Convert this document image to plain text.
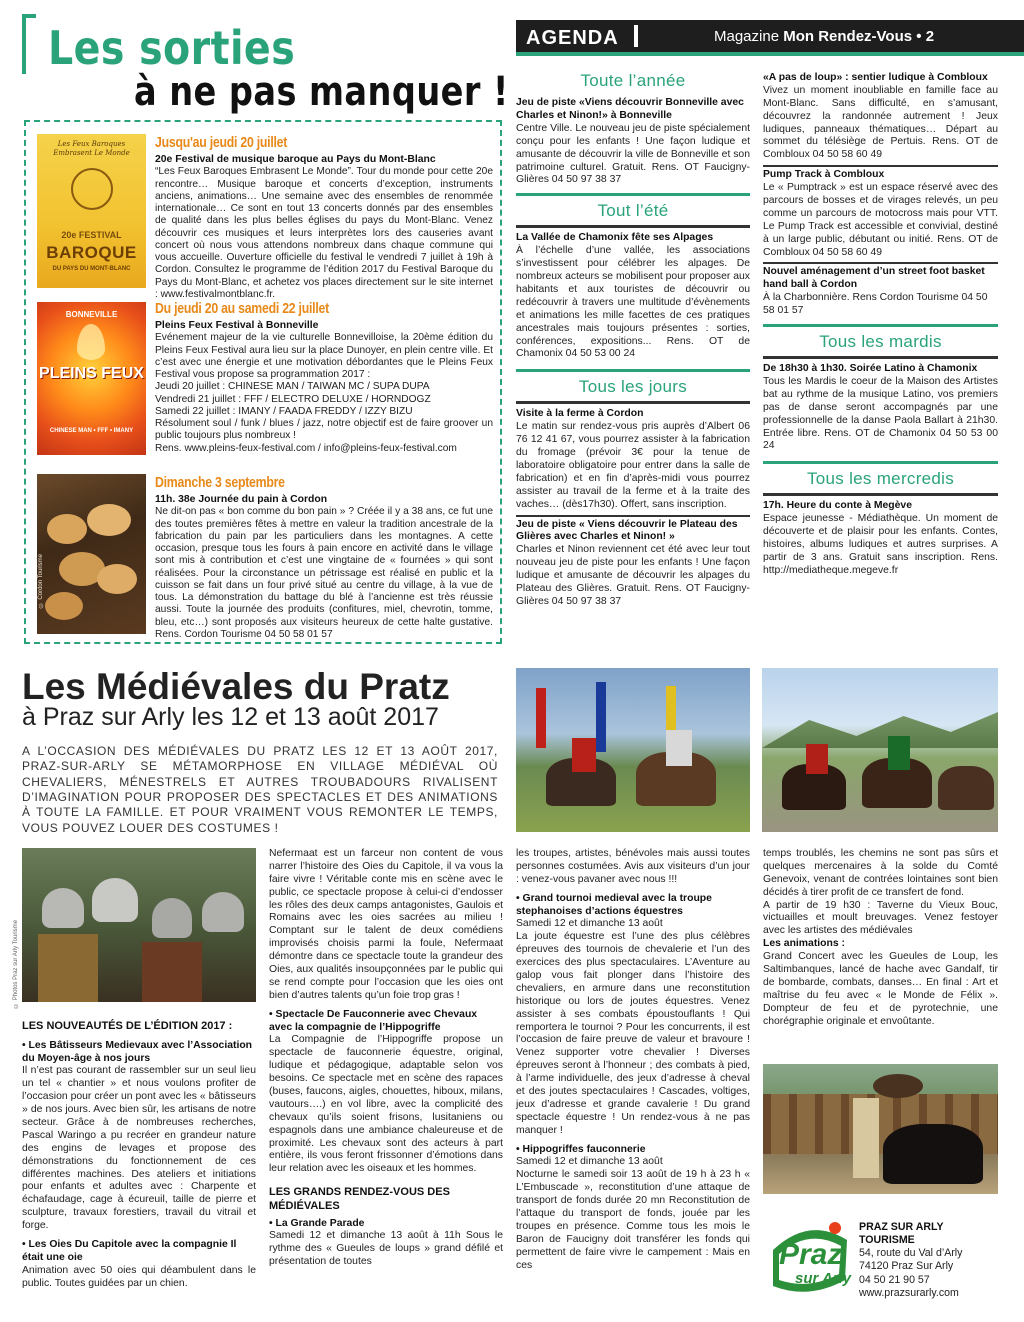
Les sorties
à ne pas manquer !
Les Feux Baroques Embrasent Le Monde
20e FESTIVAL
BAROQUE
DU PAYS DU MONT-BLANC
Jusqu'au jeudi 20 juillet
20e Festival de musique baroque au Pays du Mont-Blanc

“Les Feux Baroques Embrasent Le Monde”. Tour du monde pour cette 20e rencontre… Musique baroque et concerts d’exception, instruments anciens, animations… Une semaine avec des ensembles de renommée internationale… Ce sont en tout 13 concerts donnés par des ensembles de qualité dans les plus belles églises du pays du Mont-Blanc. Venez découvrir ces musiques et leurs interprètes lors des causeries avant concert où nous vous attendons nombreux dans chaque commune qui vous accueille. Ouverture officielle du festival le vendredi 7 juillet à 19h à Cordon. Consultez le programme de l’édition 2017 du Festival Baroque du Pays du Mont-Blanc, et achetez vos places directement sur le site internet : www.festivalmontblanc.fr.

BONNEVILLE
PLEINS FEUX
CHINESE MAN • FFF • IMANY
Du jeudi 20 au samedi 22 juillet
Pleins Feux Festival à Bonneville

Evénement majeur de la vie culturelle Bonnevilloise, la 20ème édition du Pleins Feux Festival aura lieu sur la place Dunoyer, en plein centre ville. Et c’est avec une énergie et une motivation débordantes que le Pleins Feux Festival vous propose sa programmation 2017 :

Jeudi 20 juillet : CHINESE MAN / TAIWAN MC / SUPA DUPA

Vendredi 21 juillet : FFF / ELECTRO DELUXE / HORNDOGZ

Samedi 22 juillet : IMANY / FAADA FREDDY / IZZY BIZU

Résolument soul / funk / blues / jazz, notre objectif est de faire groover un public toujours plus nombreux !

Rens. www.pleins-feux-festival.com / info@pleins-feux-festival.com

© Cordon Tourisme
Dimanche 3 septembre
11h. 38e Journée du pain à Cordon

Ne dit-on pas « bon comme du bon pain » ? Créée il y a 38 ans, ce fut une des toutes premières fêtes à mettre en valeur la tradition ancestrale de la fabrication du pain par les particuliers dans les montagnes. A cette occasion, presque tous les fours à pain encore en activité dans le village sont mis à contribution et c’est une vingtaine de « fournées » qui sont réalisées. Pour la circonstance un pétrissage est réalisé en public et la cuisson se fait dans un four privé situé au centre du village, à la vue de tous. La démonstration du battage du blé à l’ancienne est très réussie aussi. Toute la journée des produits (confitures, miel, chevrotin, tomme, bleu, etc…) sont proposés aux visiteurs heureux de cette halte gustative. Rens. Cordon Tourisme 04 50 58 01 57

AGENDA	Magazine Mon Rendez-Vous • 2
Toute l’année
Jeu de piste «Viens découvrir Bonneville avec Charles et Ninon!» à Bonneville

Centre Ville. Le nouveau jeu de piste spécialement conçu pour les enfants ! Une façon ludique et amusante de découvrir la ville de Bonneville et son patrimoine culturel. Gratuit. Rens. OT Faucigny-Glières 04 50 97 38 37

Tout l’été
La Vallée de Chamonix fête ses Alpages

À l’échelle d’une vallée, les associations s’investissent pour célébrer les alpages. De nombreux acteurs se mobilisent pour proposer aux habitants et aux touristes de découvrir ou redécouvrir à travers une multitude d’évènements et animations les mille facettes de ces pratiques ancestrales mais toujours présentes : sorties, conférences, expositions... Rens. OT de Chamonix 04 50 53 00 24

Tous les jours
Visite à la ferme à Cordon

Le matin sur rendez-vous pris auprès d’Albert 06 76 12 41 67, vous pourrez assister à la fabrication du fromage (prévoir 3€ pour la tenue de laboratoire obligatoire pour entrer dans la salle de fabrication) et en fin d’après-midi vous pourrez assister au travail de la ferme et à la traite des vaches… (dès17h30). Offert, sans inscription.

Jeu de piste « Viens découvrir le Plateau des Glières avec Charles et Ninon! »

Charles et Ninon reviennent cet été avec leur tout nouveau jeu de piste pour les enfants ! Une façon ludique et amusante de découvrir les alpages du Plateau des Glières. Gratuit. Rens. OT Faucigny-Glières 04 50 97 38 37

«A pas de loup» : sentier ludique à Combloux

Vivez un moment inoubliable en famille face au Mont-Blanc. Sans difficulté, en s’amusant, découvrez la randonnée autrement ! Jeux ludiques, panneaux thématiques… Départ au sommet du télésiège de Pertuis. Rens. OT de Combloux 04 50 58 60 49

Pump Track à Combloux

Le « Pumptrack » est un espace réservé avec des parcours de bosses et de virages relevés, un peu comme un parcours de motocross mais pour VTT. Le Pump Track est accessible et convivial, destiné à un large public, débutant ou initié. Rens. OT de Combloux 04 50 58 60 49

Nouvel aménagement d’un street foot basket hand ball à Cordon

À la Charbonnière. Rens Cordon Tourisme 04 50 58 01 57

Tous les mardis
De 18h30 à 1h30. Soirée Latino à Chamonix

Tous les Mardis le coeur de la Maison des Artistes bat au rythme de la musique Latino, vos premiers pas de danse seront accompagnés par une professionnelle de la danse Paola Ballart à 21h30. Entrée libre. Rens. OT de Chamonix 04 50 53 00 24

Tous les mercredis
17h. Heure du conte à Megève

Espace jeunesse - Médiathèque. Un moment de découverte et de plaisir pour les enfants. Contes, histoires, albums ludiques et autres surprises. A partir de 3 ans. Gratuit sans inscription. Rens. http://mediatheque.megeve.fr

Les Médiévales du Pratz
à Praz sur Arly les 12 et 13 août 2017

A L’OCCASION DES MÉDIÉVALES DU PRATZ LES 12 ET 13 AOÛT 2017, PRAZ-SUR-ARLY SE MÉTAMORPHOSE EN VILLAGE MÉDIÉVAL OÙ CHEVALIERS, MÉNESTRELS ET AUTRES TROUBADOURS RIVALISENT D’IMAGINATION POUR PROPOSER DES SPECTACLES ET DES ANIMATIONS À TOUTE LA FAMILLE. ET POUR VRAIMENT VOUS REMONTER LE TEMPS, VOUS POUVEZ LOUER DES COSTUMES !

© Photos Praz sur Arly Tourisme
LES NOUVEAUTÉS DE L’ÉDITION 2017 :
• Les Bâtisseurs Medievaux avec l’Association du Moyen-âge à nos jours

Il n’est pas courant de rassembler sur un seul lieu un tel « chantier » et nous voulons profiter de l’occasion pour créer un pont avec les « bâtisseurs » de nos jours. Avec bien sûr, les artisans de notre secteur. Grâce à de nombreuses recherches, Pascal Waringo a pu recréer en grandeur nature des engins de levages et propose des démonstrations du fonctionnement de ces différentes machines. Des ateliers et initiations pour enfants et adultes avec : Charpente et échafaudage, cage à écureuil, taille de pierre et sculpture, travaux forestiers, travail du vitrail et forge.

• Les Oies Du Capitole avec la compagnie Il était une oie

Animation avec 50 oies qui déambulent dans le public. Toutes guidées par un chien.

Nefermaat est un farceur non content de vous narrer l’histoire des Oies du Capitole, il va vous la faire vivre ! Véritable conte mis en scène avec le public, ce spectacle propose à celui-ci d’endosser les rôles des deux camps antagonistes, Gaulois et Romains avec les oies sacrées au milieu ! Comptant sur le talent de deux comédiens improvisés choisis parmi la foule, Nefermaat démontre dans ce spectacle toute la grandeur des Oies, aux qualités insoupçonnées par le public qui se rend compte pour l’occasion que les oies ont bien d’autres talents qu’un foie trop gras !

• Spectacle De Fauconnerie avec Chevaux avec la compagnie de l’Hippogriffe

La Compagnie de l’Hippogriffe propose un spectacle de fauconnerie équestre, original, ludique et pédagogique, adaptable selon vos besoins. Ce spectacle met en scène des rapaces (buses, faucons, aigles, chouettes, hiboux, milans, vautours….) en vol libre, avec la complicité des chevaux qu’ils soient frisons, lusitaniens ou espagnols dans une ambiance chaleureuse et de proximité. Les chevaux sont des acteurs à part entière, ils vous feront frissonner d’émotions dans leur relation avec les oiseaux et les hommes.

LES GRANDS RENDEZ-VOUS DES MÉDIÉVALES
• La Grande Parade

Samedi 12 et dimanche 13 août à 11h Sous le rythme des « Gueules de loups » grand défilé et présentation de toutes

les troupes, artistes, bénévoles mais aussi toutes personnes costumées. Avis aux visiteurs d’un jour : venez-vous pavaner avec nous !!!

• Grand tournoi medieval avec la troupe stephanoises d’actions équestres

Samedi 12 et dimanche 13 août

La joute équestre est l’une des plus célèbres épreuves des tournois de chevalerie et l’un des exercices des plus spectaculaires. L’Aventure au galop vous fait plonger dans l’histoire des chevaliers, en armure dans une reconstitution historique ou lors de joutes équestres. Venez assister à ses combats époustouflants ! Qui remportera le tournoi ? Pour les concurrents, il est l’occasion de faire preuve de valeur et bravoure ! Venez supporter votre chevalier ! Diverses épreuves seront à l’honneur ; des combats à pied, à l’arme individuelle, des jeux d’adresse à cheval et des joutes spectaculaires ! Cascades, voltiges, jeux d’adresse et grande cavalerie ! Du grand spectacle équestre ! Un rendez-vous à ne pas manquer !

• Hippogriffes fauconnerie

Samedi 12 et dimanche 13 août

Nocturne le samedi soir 13 août de 19 h à 23 h « L’Embuscade », reconstitution d’une attaque de transport de fonds durée 20 mn Reconstitution de l’attaque du transport de fonds, jouée par les troupes en présence. Comme tous les mois le Baron de Faucigny doit transférer les fonds qui permettent de faire vivre le campement : Mais en ces

temps troublés, les chemins ne sont pas sûrs et quelques mercenaires à la solde du Comté Genevoix, venant de contrées lointaines sont bien décidés à tirer profit de ce transfert de fond.

A partir de 19 h30 : Taverne du Vieux Bouc, victuailles et moult breuvages. Venez festoyer avec les artistes des médiévales

Les animations :

Grand Concert avec les Gueules de Loup, les Saltimbanques, lancé de hache avec Gandalf, tir de bombarde, combats, danses… En final : Art et maîtrise du feu avec « le Monde de Félix ». Dompteur de feu et de pyrotechnie, une chorégraphie originale et envoûtante.

Praz
sur Arly
PRAZ SUR ARLY TOURISME
54, route du Val d’Arly
74120 Praz Sur Arly
04 50 21 90 57
www.prazsurarly.com
